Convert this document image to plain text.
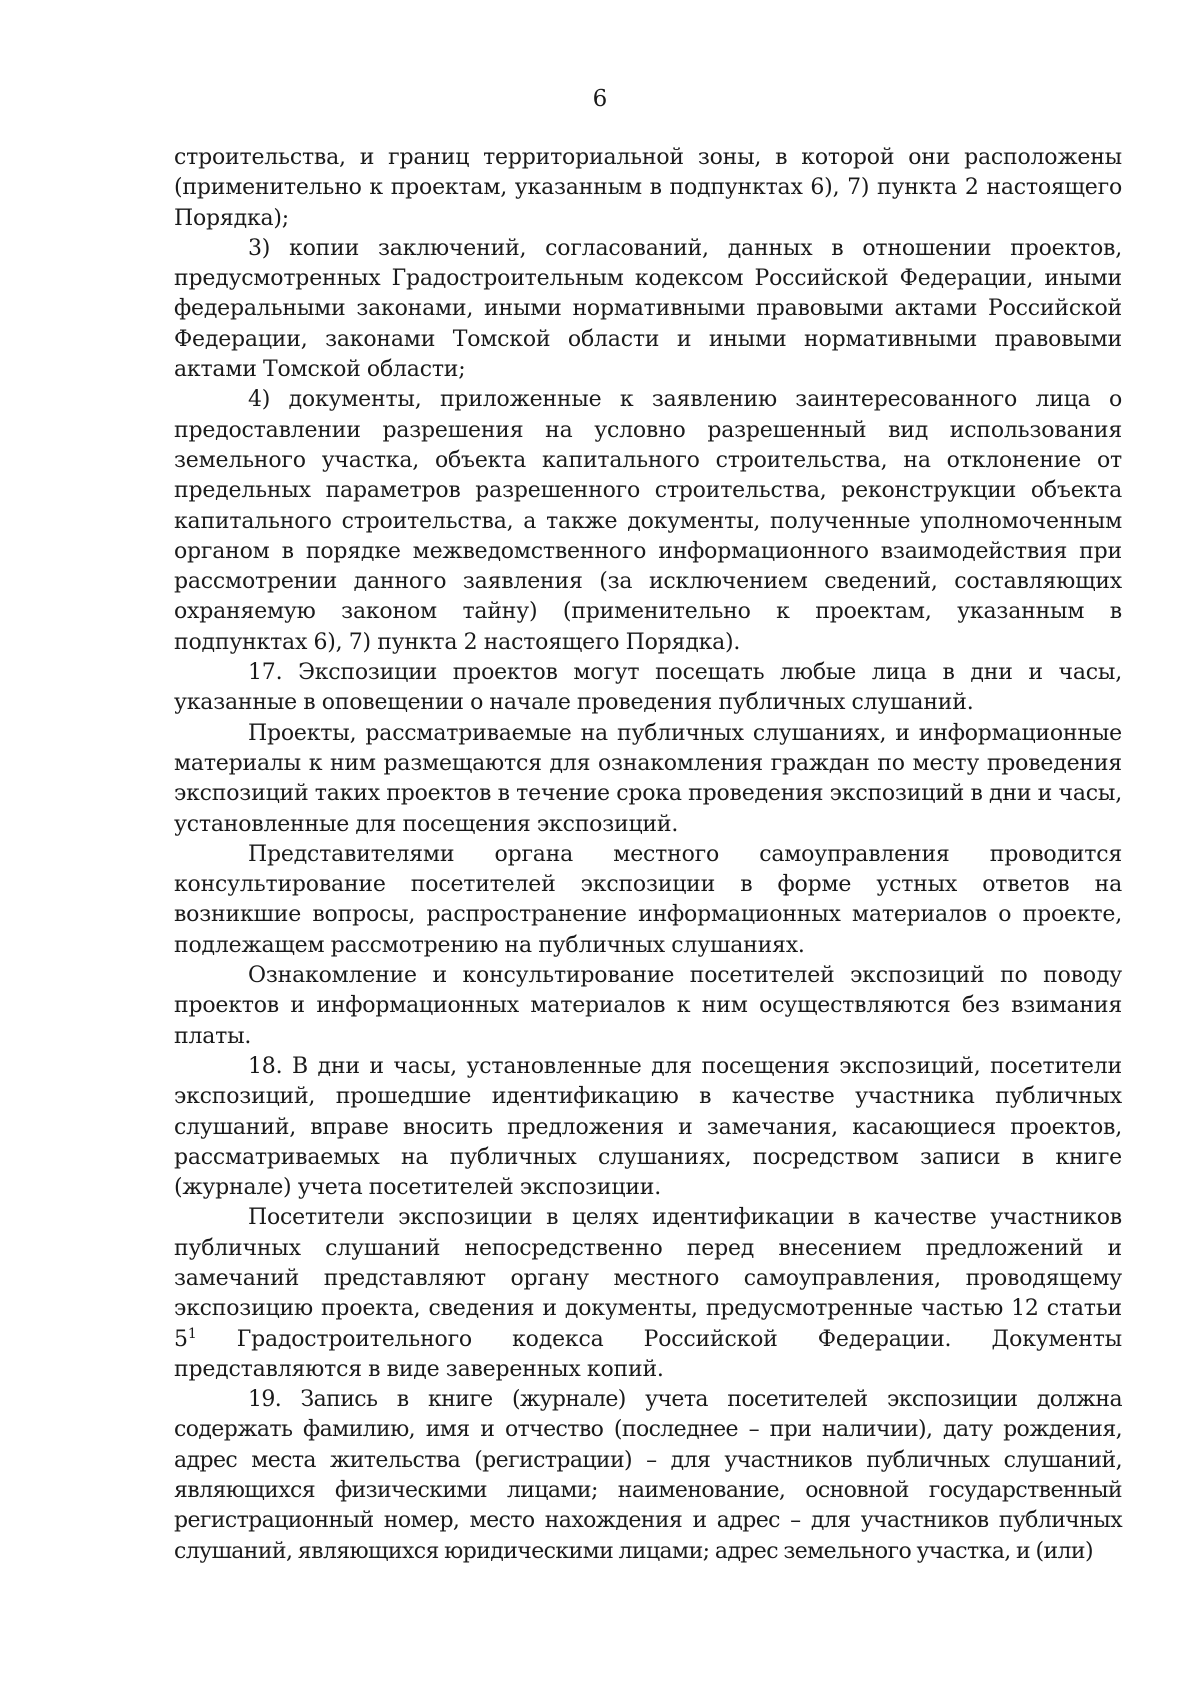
6

строительства, и границ территориальной зоны, в которой они расположены (применительно к проектам, указанным в подпунктах 6), 7) пункта 2 настоящего Порядка);

3) копии заключений, согласований, данных в отношении проектов, предусмотренных Градостроительным кодексом Российской Федерации, иными федеральными законами, иными нормативными правовыми актами Российской Федерации, законами Томской области и иными нормативными правовыми актами Томской области;

4) документы, приложенные к заявлению заинтересованного лица о предоставлении разрешения на условно разрешенный вид использования земельного участка, объекта капитального строительства, на отклонение от предельных параметров разрешенного строительства, реконструкции объекта капитального строительства, а также документы, полученные уполномоченным органом в порядке межведомственного информационного взаимодействия при рассмотрении данного заявления (за исключением сведений, составляющих охраняемую законом тайну) (применительно к проектам, указанным в подпунктах 6), 7) пункта 2 настоящего Порядка).

17. Экспозиции проектов могут посещать любые лица в дни и часы, указанные в оповещении о начале проведения публичных слушаний.

Проекты, рассматриваемые на публичных слушаниях, и информационные материалы к ним размещаются для ознакомления граждан по месту проведения экспозиций таких проектов в течение срока проведения экспозиций в дни и часы, установленные для посещения экспозиций.

Представителями органа местного самоуправления проводится консультирование посетителей экспозиции в форме устных ответов на возникшие вопросы, распространение информационных материалов о проекте, подлежащем рассмотрению на публичных слушаниях.

Ознакомление и консультирование посетителей экспозиций по поводу проектов и информационных материалов к ним осуществляются без взимания платы.

18. В дни и часы, установленные для посещения экспозиций, посетители экспозиций, прошедшие идентификацию в качестве участника публичных слушаний, вправе вносить предложения и замечания, касающиеся проектов, рассматриваемых на публичных слушаниях, посредством записи в книге (журнале) учета посетителей экспозиции.

Посетители экспозиции в целях идентификации в качестве участников публичных слушаний непосредственно перед внесением предложений и замечаний представляют органу местного самоуправления, проводящему экспозицию проекта, сведения и документы, предусмотренные частью 12 статьи $5^1$ Градостроительного кодекса Российской Федерации. Документы представляются в виде заверенных копий.

19. Запись в книге (журнале) учета посетителей экспозиции должна содержать фамилию, имя и отчество (последнее – при наличии), дату рождения, адрес места жительства (регистрации) – для участников публичных слушаний, являющихся физическими лицами; наименование, основной государственный регистрационный номер, место нахождения и адрес – для участников публичных слушаний, являющихся юридическими лицами; адрес земельного участка, и (или)
